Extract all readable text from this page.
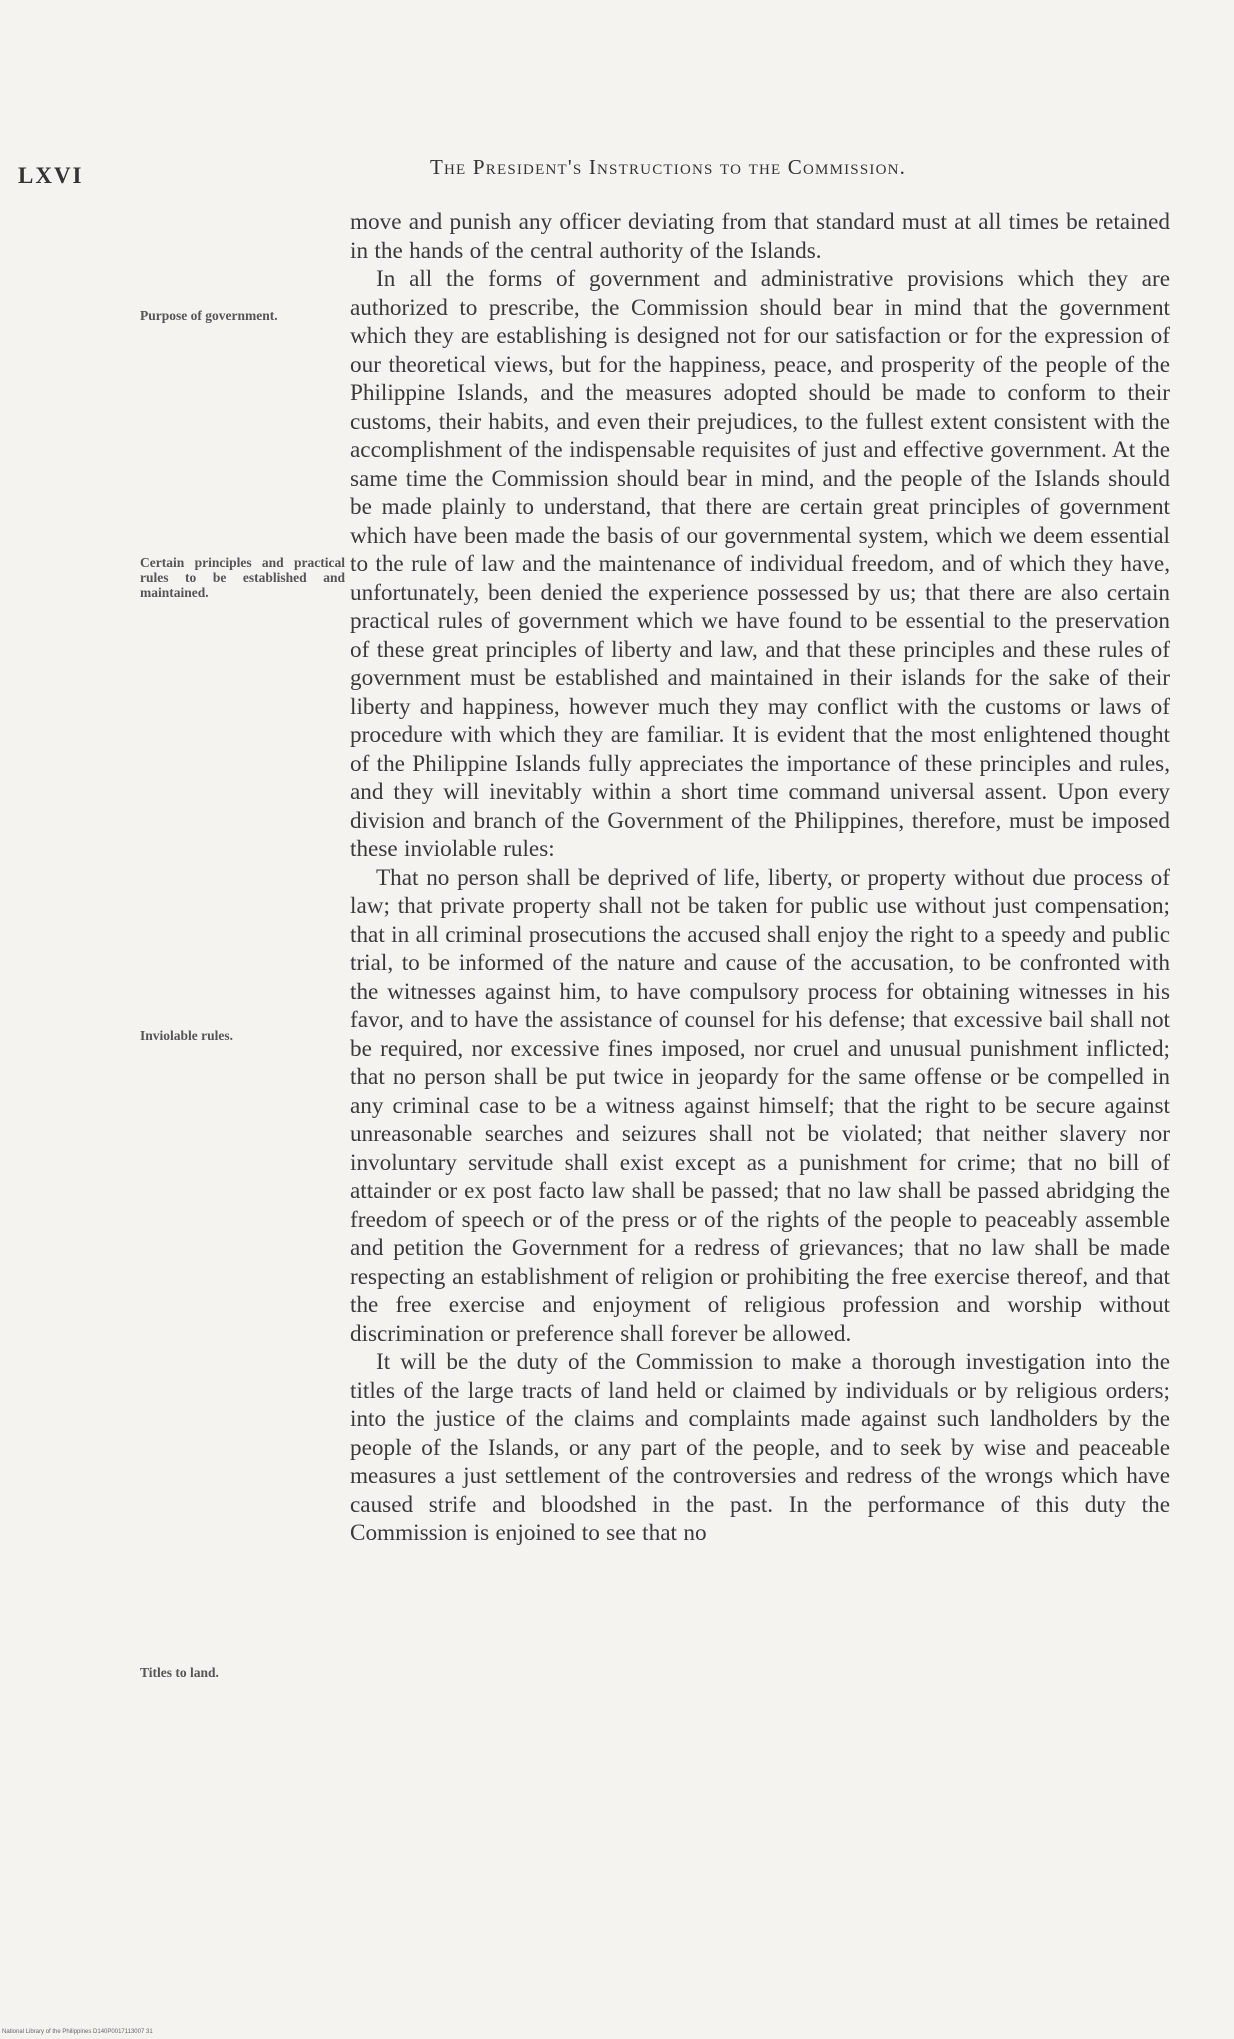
LXVI	The President's Instructions to the Commission.
Purpose of government.
Certain principles and practical rules to be established and maintained.
Inviolable rules.
Titles to land.

move and punish any officer deviating from that standard must at all times be retained in the hands of the central authority of the Islands.

In all the forms of government and administrative provisions which they are authorized to prescribe, the Commission should bear in mind that the government which they are establishing is designed not for our satisfaction or for the expression of our theoretical views, but for the happiness, peace, and prosperity of the people of the Philippine Islands, and the measures adopted should be made to conform to their customs, their habits, and even their prejudices, to the fullest extent consistent with the accomplishment of the indispensable requisites of just and effective government. At the same time the Commission should bear in mind, and the people of the Islands should be made plainly to understand, that there are certain great principles of government which have been made the basis of our governmental system, which we deem essential to the rule of law and the maintenance of individual freedom, and of which they have, unfortunately, been denied the experience possessed by us; that there are also certain practical rules of government which we have found to be essential to the preservation of these great principles of liberty and law, and that these principles and these rules of government must be established and maintained in their islands for the sake of their liberty and happiness, however much they may conflict with the customs or laws of procedure with which they are familiar. It is evident that the most enlightened thought of the Philippine Islands fully appreciates the importance of these principles and rules, and they will inevitably within a short time command universal assent. Upon every division and branch of the Government of the Philippines, therefore, must be imposed these inviolable rules:

That no person shall be deprived of life, liberty, or property without due process of law; that private property shall not be taken for public use without just compensation; that in all criminal prosecutions the accused shall enjoy the right to a speedy and public trial, to be informed of the nature and cause of the accusation, to be confronted with the witnesses against him, to have compulsory process for obtaining witnesses in his favor, and to have the assistance of counsel for his defense; that excessive bail shall not be required, nor excessive fines imposed, nor cruel and unusual punishment inflicted; that no person shall be put twice in jeopardy for the same offense or be compelled in any criminal case to be a witness against himself; that the right to be secure against unreasonable searches and seizures shall not be violated; that neither slavery nor involuntary servitude shall exist except as a punishment for crime; that no bill of attainder or ex post facto law shall be passed; that no law shall be passed abridging the freedom of speech or of the press or of the rights of the people to peaceably assemble and petition the Government for a redress of grievances; that no law shall be made respecting an establishment of religion or prohibiting the free exercise thereof, and that the free exercise and enjoyment of religious profession and worship without discrimination or preference shall forever be allowed.

It will be the duty of the Commission to make a thorough investigation into the titles of the large tracts of land held or claimed by individuals or by religious orders; into the justice of the claims and complaints made against such landholders by the people of the Islands, or any part of the people, and to seek by wise and peaceable measures a just settlement of the controversies and redress of the wrongs which have caused strife and bloodshed in the past. In the performance of this duty the Commission is enjoined to see that no

National Library of the Philippines D140P0017113007 31
